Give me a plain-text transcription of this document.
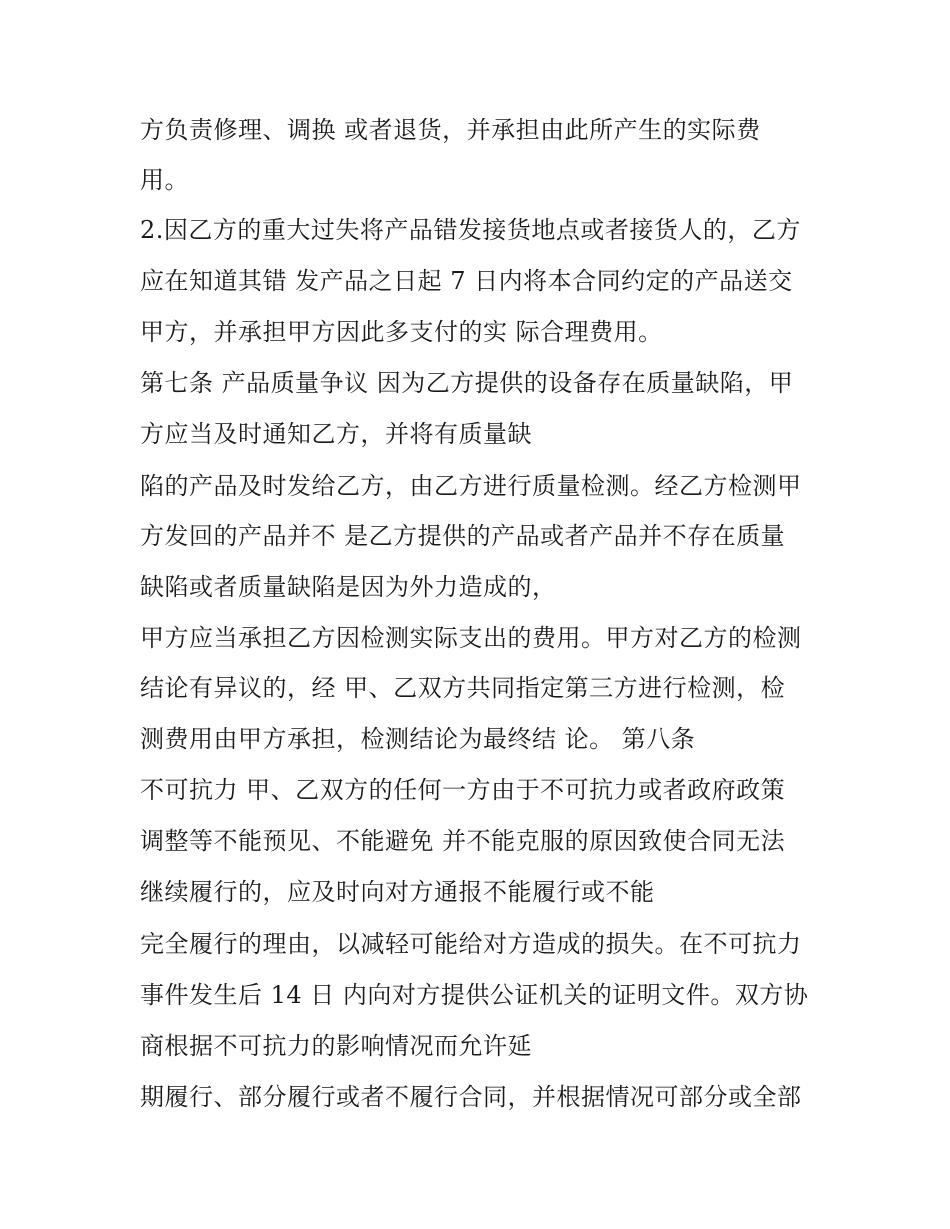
方负责修理、调换 或者退货，并承担由此所产生的实际费

用。

2.因乙方的重大过失将产品错发接货地点或者接货人的，乙方

应在知道其错 发产品之日起 7 日内将本合同约定的产品送交

甲方，并承担甲方因此多支付的实 际合理费用。

第七条 产品质量争议 因为乙方提供的设备存在质量缺陷，甲

方应当及时通知乙方，并将有质量缺

陷的产品及时发给乙方，由乙方进行质量检测。经乙方检测甲

方发回的产品并不 是乙方提供的产品或者产品并不存在质量

缺陷或者质量缺陷是因为外力造成的，

甲方应当承担乙方因检测实际支出的费用。甲方对乙方的检测

结论有异议的，经 甲、乙双方共同指定第三方进行检测，检

测费用由甲方承担，检测结论为最终结 论。 第八条

不可抗力 甲、乙双方的任何一方由于不可抗力或者政府政策

调整等不能预见、不能避免 并不能克服的原因致使合同无法

继续履行的，应及时向对方通报不能履行或不能

完全履行的理由，以减轻可能给对方造成的损失。在不可抗力

事件发生后 14 日 内向对方提供公证机关的证明文件。双方协

商根据不可抗力的影响情况而允许延

期履行、部分履行或者不履行合同，并根据情况可部分或全部
